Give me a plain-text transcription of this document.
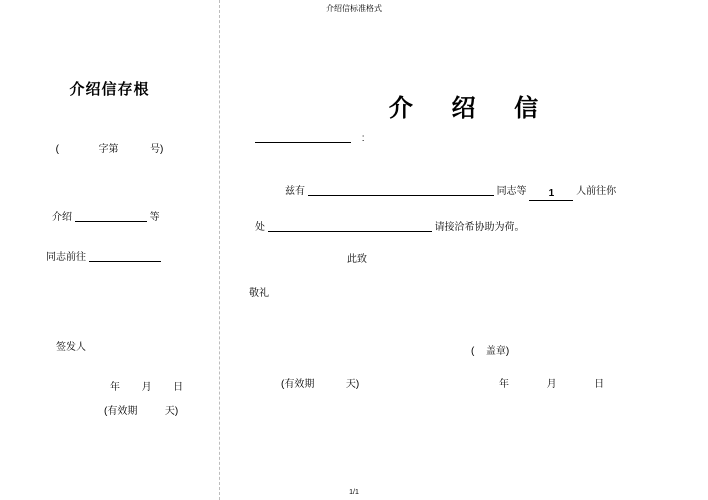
介绍信标准格式
介绍信存根
(	字第	号)
介绍	等
同志前往
签发人
年 月 日
(有效期	天)
介 绍 信
:
兹有	同志等 1 人前往你
处	请接洽希协助为荷。
此致
敬礼
( 盖章)
(有效期	天)	年	月	日
1/1
